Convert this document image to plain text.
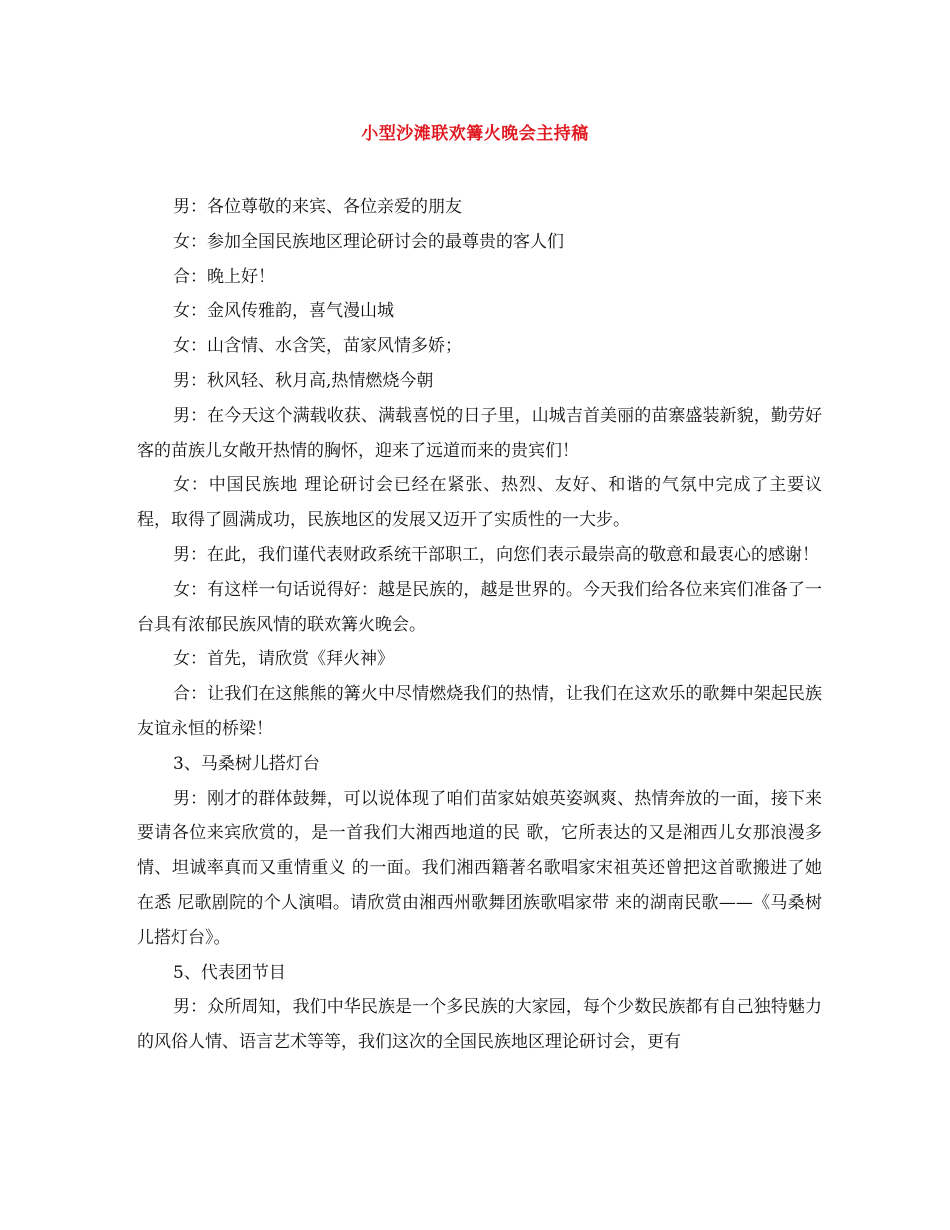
小型沙滩联欢篝火晚会主持稿

男：各位尊敬的来宾、各位亲爱的朋友

女：参加全国民族地区理论研讨会的最尊贵的客人们

合：晚上好！

女：金风传雅韵，喜气漫山城

女：山含情、水含笑，苗家风情多娇；

男：秋风轻、秋月高,热情燃烧今朝

男：在今天这个满载收获、满载喜悦的日子里，山城吉首美丽的苗寨盛装新貌，勤劳好客的苗族儿女敞开热情的胸怀，迎来了远道而来的贵宾们！

女：中国民族地 理论研讨会已经在紧张、热烈、友好、和谐的气氛中完成了主要议程，取得了圆满成功，民族地区的发展又迈开了实质性的一大步。

男：在此，我们谨代表财政系统干部职工，向您们表示最崇高的敬意和最衷心的感谢！

女：有这样一句话说得好：越是民族的，越是世界的。今天我们给各位来宾们准备了一台具有浓郁民族风情的联欢篝火晚会。

女：首先，请欣赏《拜火神》

合：让我们在这熊熊的篝火中尽情燃烧我们的热情，让我们在这欢乐的歌舞中架起民族友谊永恒的桥梁！

3、马桑树儿搭灯台

男：刚才的群体鼓舞，可以说体现了咱们苗家姑娘英姿飒爽、热情奔放的一面，接下来要请各位来宾欣赏的，是一首我们大湘西地道的民 歌，它所表达的又是湘西儿女那浪漫多情、坦诚率真而又重情重义 的一面。我们湘西籍著名歌唱家宋祖英还曾把这首歌搬进了她在悉 尼歌剧院的个人演唱。请欣赏由湘西州歌舞团族歌唱家带 来的湖南民歌——《马桑树儿搭灯台》。

5、代表团节目

男：众所周知，我们中华民族是一个多民族的大家园，每个少数民族都有自己独特魅力的风俗人情、语言艺术等等，我们这次的全国民族地区理论研讨会，更有
